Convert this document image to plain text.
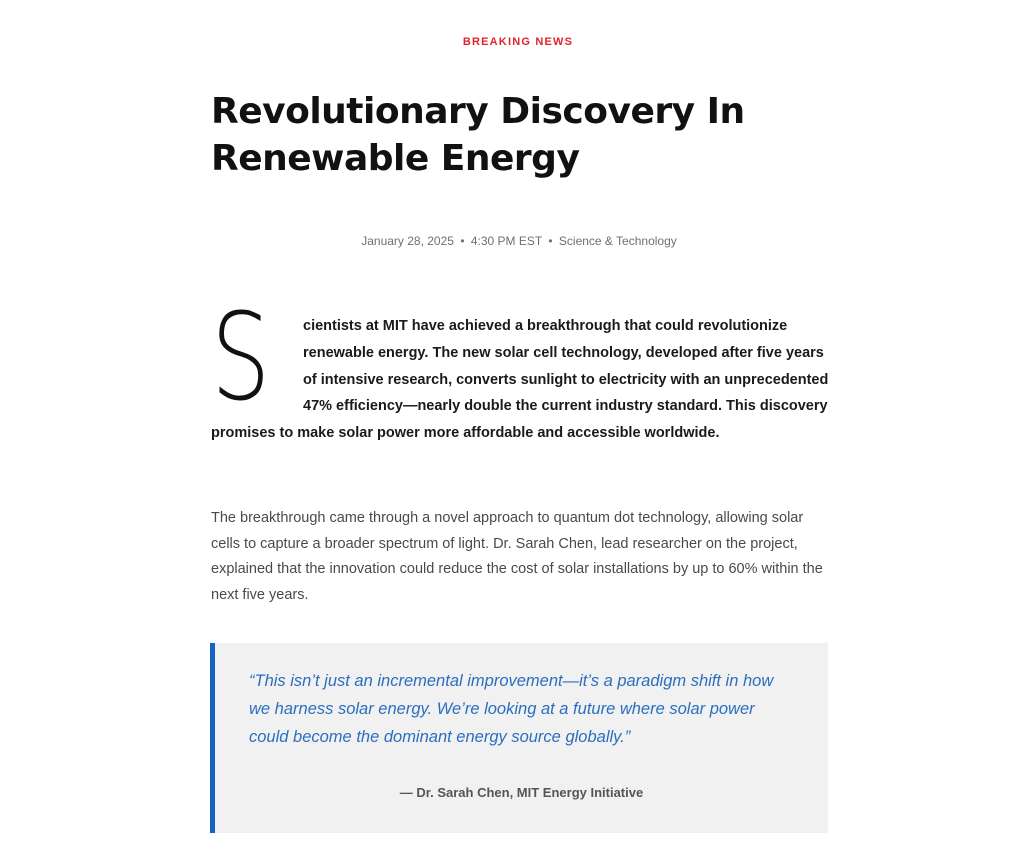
BREAKING NEWS
Revolutionary Discovery In Renewable Energy
January 28, 2025 • 4:30 PM EST • Science & Technology

S	cientists at MIT have achieved a breakthrough that could revolutionize renewable energy. The new solar cell technology, developed after five years of intensive research, converts sunlight to electricity with an unprecedented 47% efficiency—nearly double the current industry standard. This discovery promises to make solar power more affordable and accessible worldwide.

The breakthrough came through a novel approach to quantum dot technology, allowing solar cells to capture a broader spectrum of light. Dr. Sarah Chen, lead researcher on the project, explained that the innovation could reduce the cost of solar installations by up to 60% within the next five years.

“This isn’t just an incremental improvement—it’s a paradigm shift in how we harness solar energy. We’re looking at a future where solar power could become the dominant energy source globally.”

— Dr. Sarah Chen, MIT Energy Initiative
